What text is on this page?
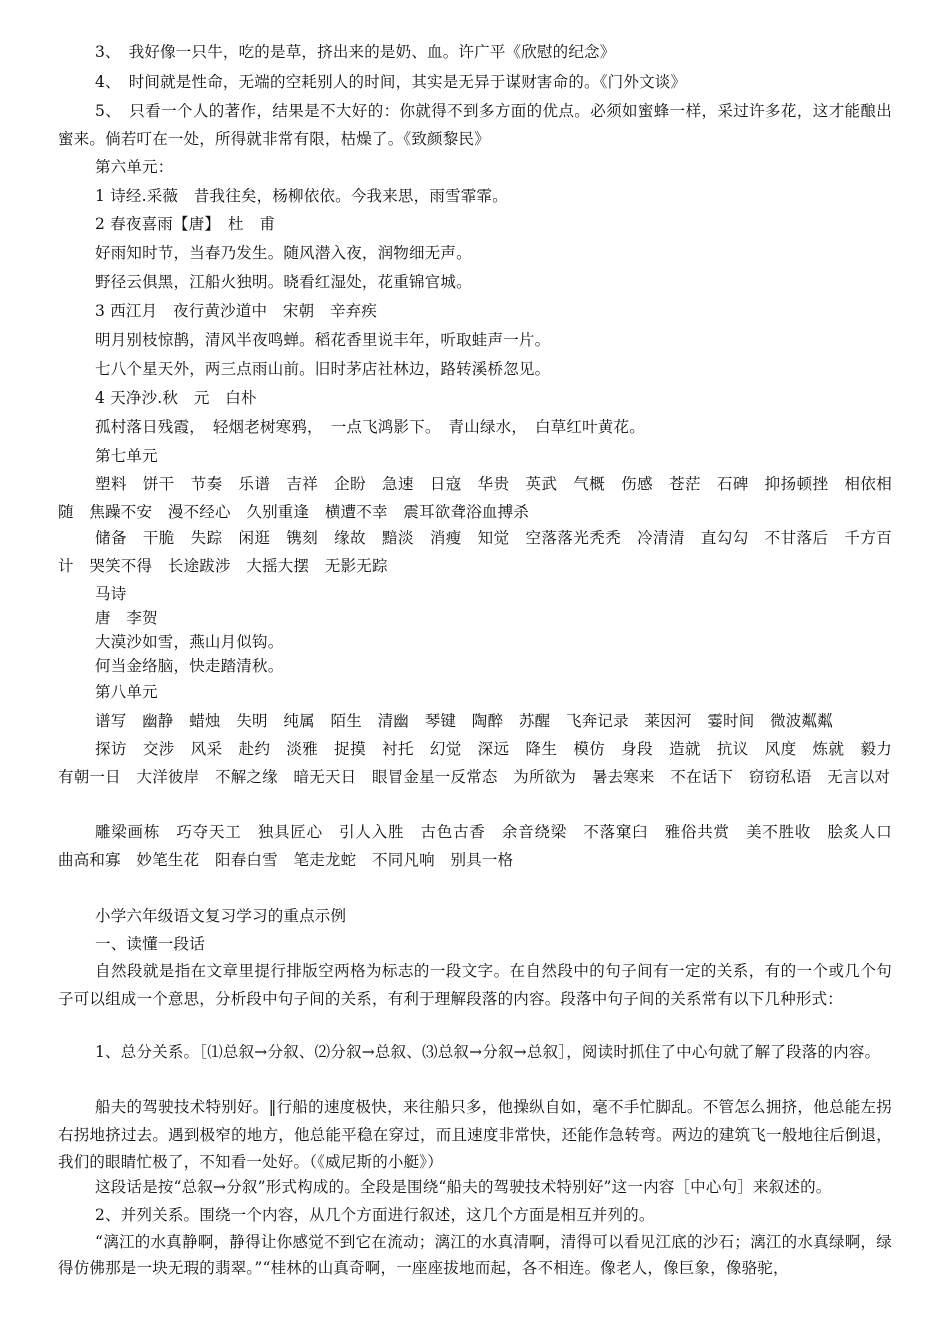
3、　我好像一只牛，吃的是草，挤出来的是奶、血。许广平《欣慰的纪念》
4、　时间就是性命，无端的空耗别人的时间，其实是无异于谋财害命的。《门外文谈》
5、　只看一个人的著作，结果是不大好的：你就得不到多方面的优点。必须如蜜蜂一样，采过许多花，这才能酿出蜜来。倘若叮在一处，所得就非常有限，枯燥了。《致颜黎民》
第六单元：
1 诗经.采薇　昔我往矣，杨柳依依。今我来思，雨雪霏霏。
2 春夜喜雨【唐】　杜　甫
好雨知时节，当春乃发生。随风潜入夜，润物细无声。
野径云俱黑，江船火独明。晓看红湿处，花重锦官城。
3 西江月　夜行黄沙道中　宋朝　辛弃疾
明月别枝惊鹊，清风半夜鸣蝉。稻花香里说丰年，听取蛙声一片。
七八个星天外，两三点雨山前。旧时茅店社林边，路转溪桥忽见。
4 天净沙.秋　元　白朴
孤村落日残霞，　轻烟老树寒鸦，　一点飞鸿影下。　青山绿水，　白草红叶黄花。
第七单元
塑料　饼干　节奏　乐谱　吉祥　企盼　急速　日寇　华贵　英武　气概　伤感　苍茫　石碑　抑扬顿挫　相依相随　焦躁不安　漫不经心　久别重逢　横遭不幸　震耳欲聋浴血搏杀
储备　干脆　失踪　闲逛　镌刻　缘故　黯淡　消瘦　知觉　空落落光秃秃　冷清清　直勾勾　不甘落后　千方百计　哭笑不得　长途跋涉　大摇大摆　无影无踪
马诗
唐　李贺
大漠沙如雪，燕山月似钩。
何当金络脑，快走踏清秋。
第八单元
谱写　幽静　蜡烛　失明　纯属　陌生　清幽　琴键　陶醉　苏醒　飞奔记录　莱因河　霎时间　微波粼粼
探访　交涉　风采　赴约　淡雅　捉摸　衬托　幻觉　深远　降生　模仿　身段　造就　抗议　风度　炼就　毅力　有朝一日　大洋彼岸　不解之缘　暗无天日　眼冒金星一反常态　为所欲为　暑去寒来　不在话下　窃窃私语　无言以对
雕梁画栋　巧夺天工　独具匠心　引人入胜　古色古香　余音绕梁　不落窠臼　雅俗共赏　美不胜收　脍炙人口　曲高和寡　妙笔生花　阳春白雪　笔走龙蛇　不同凡响　别具一格
小学六年级语文复习学习的重点示例
一、读懂一段话
自然段就是指在文章里提行排版空两格为标志的一段文字。在自然段中的句子间有一定的关系，有的一个或几个句子可以组成一个意思，分析段中句子间的关系，有利于理解段落的内容。段落中句子间的关系常有以下几种形式：
1、总分关系。［⑴总叙→分叙、⑵分叙→总叙、⑶总叙→分叙→总叙］，阅读时抓住了中心句就了解了段落的内容。
船夫的驾驶技术特别好。‖行船的速度极快，来往船只多，他操纵自如，毫不手忙脚乱。不管怎么拥挤，他总能左拐右拐地挤过去。遇到极窄的地方，他总能平稳在穿过，而且速度非常快，还能作急转弯。两边的建筑飞一般地往后倒退，我们的眼睛忙极了，不知看一处好。（《威尼斯的小艇》）
这段话是按“总叙→分叙”形式构成的。全段是围绕“船夫的驾驶技术特别好”这一内容［中心句］来叙述的。
2、并列关系。围绕一个内容，从几个方面进行叙述，这几个方面是相互并列的。
“漓江的水真静啊，静得让你感觉不到它在流动；漓江的水真清啊，清得可以看见江底的沙石；漓江的水真绿啊，绿得仿佛那是一块无瑕的翡翠。”“桂林的山真奇啊，一座座拔地而起，各不相连。像老人，像巨象，像骆驼，
